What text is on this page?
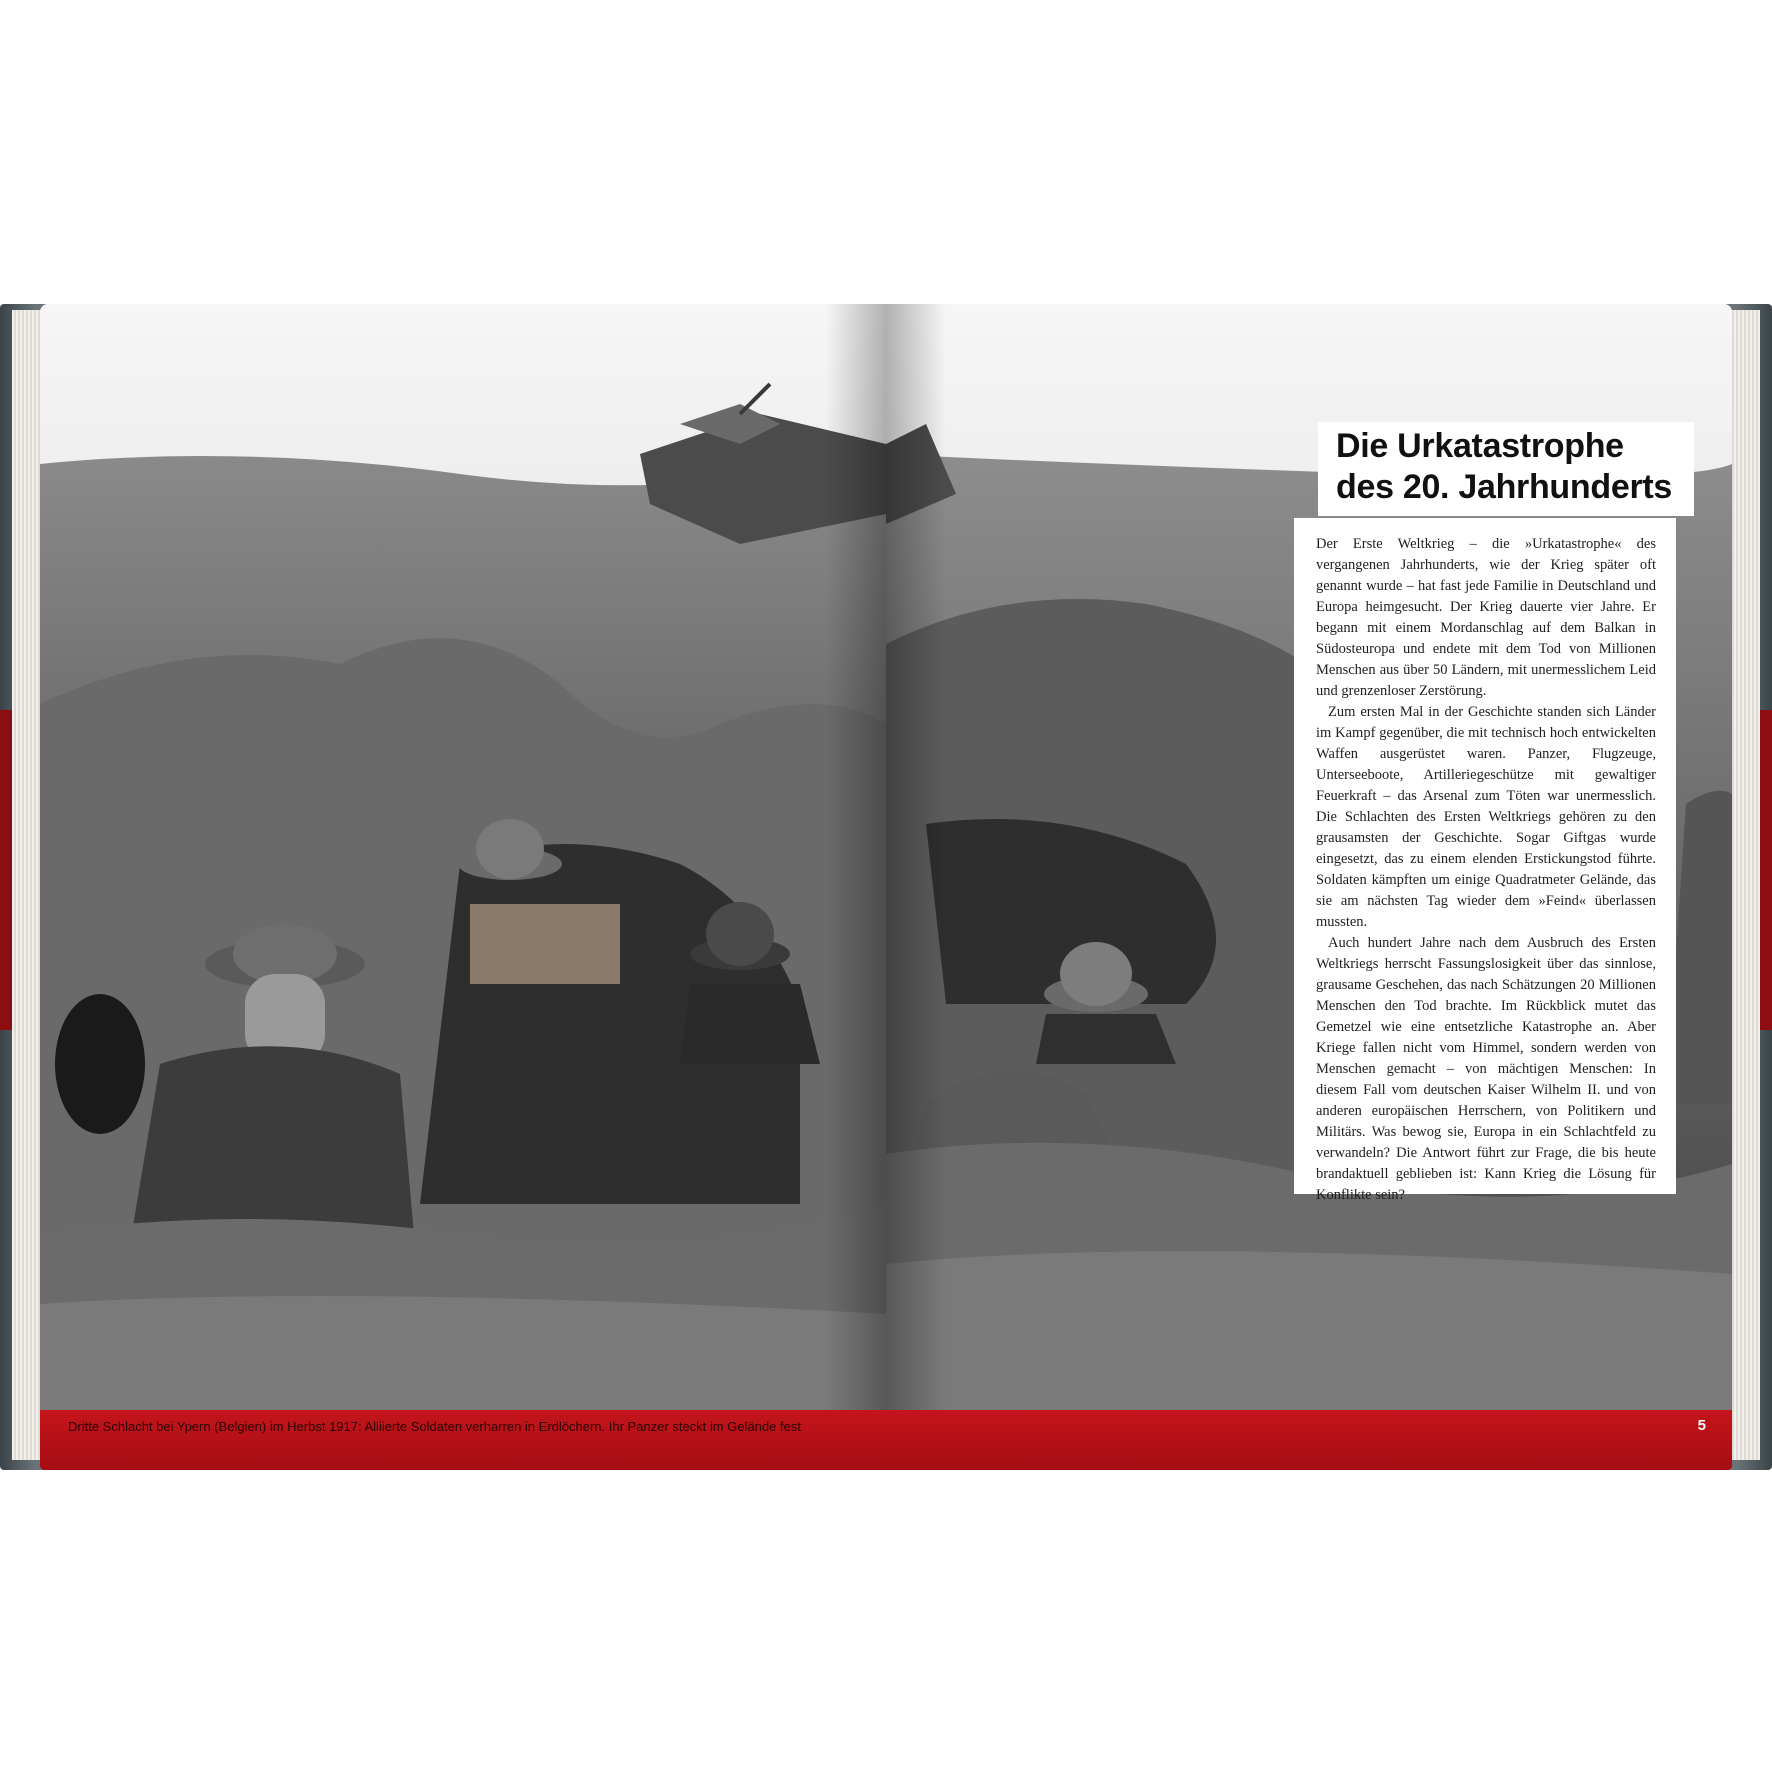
Dritte Schlacht bei Ypern (Belgien) im Herbst 1917: Alliierte Soldaten verharren in Erdlöchern. Ihr Panzer steckt im Gelände fest
Die Urkatastrophe
des 20. Jahrhunderts

Der Erste Weltkrieg – die »Urkatastrophe« des vergangenen Jahrhunderts, wie der Krieg später oft genannt wurde – hat fast jede Familie in Deutschland und Europa heimgesucht. Der Krieg dauerte vier Jahre. Er begann mit einem Mordanschlag auf dem Balkan in Südosteuropa und endete mit dem Tod von Millionen Menschen aus über 50 Ländern, mit unermesslichem Leid und grenzenloser Zerstörung.

Zum ersten Mal in der Geschichte standen sich Länder im Kampf gegenüber, die mit technisch hoch entwickelten Waffen ausgerüstet waren. Panzer, Flugzeuge, Unterseeboote, Artilleriegeschütze mit gewaltiger Feuerkraft – das Arsenal zum Töten war unermesslich. Die Schlachten des Ersten Weltkriegs gehören zu den grausamsten der Geschichte. Sogar Giftgas wurde eingesetzt, das zu einem elenden Erstickungstod führte. Soldaten kämpften um einige Quadratmeter Gelände, das sie am nächsten Tag wieder dem »Feind« überlassen mussten.

Auch hundert Jahre nach dem Ausbruch des Ersten Weltkriegs herrscht Fassungslosigkeit über das sinnlose, grausame Geschehen, das nach Schätzungen 20 Millionen Menschen den Tod brachte. Im Rückblick mutet das Gemetzel wie eine entsetzliche Katastrophe an. Aber Kriege fallen nicht vom Himmel, sondern werden von Menschen gemacht – von mächtigen Menschen: In diesem Fall vom deutschen Kaiser Wilhelm II. und von anderen europäischen Herrschern, von Politikern und Militärs. Was bewog sie, Europa in ein Schlachtfeld zu verwandeln? Die Antwort führt zur Frage, die bis heute brandaktuell geblieben ist: Kann Krieg die Lösung für Konflikte sein?

5
